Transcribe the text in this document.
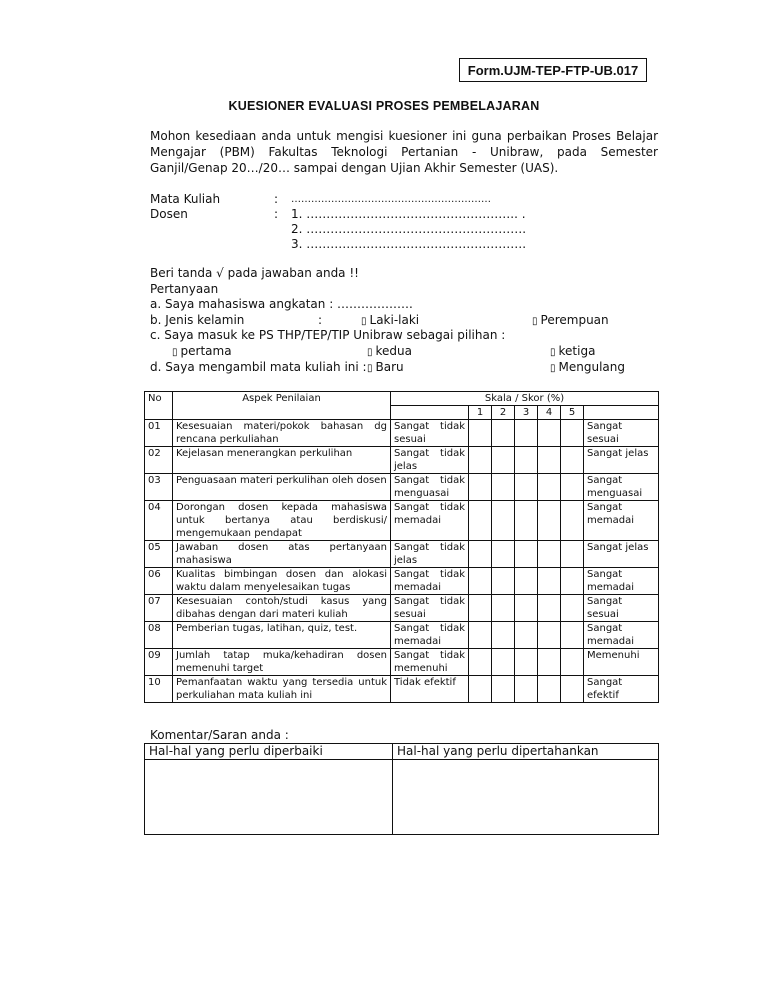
Form.UJM-TEP-FTP-UB.017
KUESIONER EVALUASI PROSES PEMBELAJARAN
Mohon kesediaan anda untuk mengisi kuesioner ini guna perbaikan Proses Belajar Mengajar (PBM) Fakultas Teknologi Pertanian - Unibraw, pada Semester Ganjil/Genap 20…/20… sampai dengan Ujian Akhir Semester (UAS).
Mata Kuliah	: ……………………………………………………
Dosen	: 1. …………………………………………….. .
2. ……………………………………………….
3. ……………………………………………….
Beri tanda √ pada jawaban anda !!
Pertanyaan
a. Saya mahasiswa angkatan : ……………….
b. Jenis kelamin	:	▯ Laki-laki	▯ Perempuan
c. Saya masuk ke PS THP/TEP/TIP Unibraw sebagai pilihan :
▯ pertama	▯ kedua	▯ ketiga
d. Saya mengambil mata kuliah ini : ▯ Baru	▯ Mengulang
No	Aspek Penilaian	Skala / Skor (%)						
			1	2	3	4	5	
01	Kesesuaian materi/pokok bahasan dg rencana perkuliahan	Sangat tidak sesuai						Sangat sesuai
02	Kejelasan menerangkan perkulihan	Sangat tidak jelas						Sangat jelas
03	Penguasaan materi perkulihan oleh dosen	Sangat tidak menguasai						Sangat menguasai
04	Dorongan dosen kepada mahasiswa untuk bertanya atau berdiskusi/ mengemukaan pendapat	Sangat tidak memadai						Sangat memadai
05	Jawaban dosen atas pertanyaan mahasiswa	Sangat tidak jelas						Sangat jelas
06	Kualitas bimbingan dosen dan alokasi waktu dalam menyelesaikan tugas	Sangat tidak memadai						Sangat memadai
07	Kesesuaian contoh/studi kasus yang dibahas dengan dari materi kuliah	Sangat tidak sesuai						Sangat sesuai
08	Pemberian tugas, latihan, quiz, test.	Sangat tidak memadai						Sangat memadai
09	Jumlah tatap muka/kehadiran dosen memenuhi target	Sangat tidak memenuhi						Memenuhi
10	Pemanfaatan waktu yang tersedia untuk perkuliahan mata kuliah ini	Tidak efektif						Sangat efektif
Komentar/Saran anda :
Hal-hal yang perlu diperbaiki	Hal-hal yang perlu dipertahankan
